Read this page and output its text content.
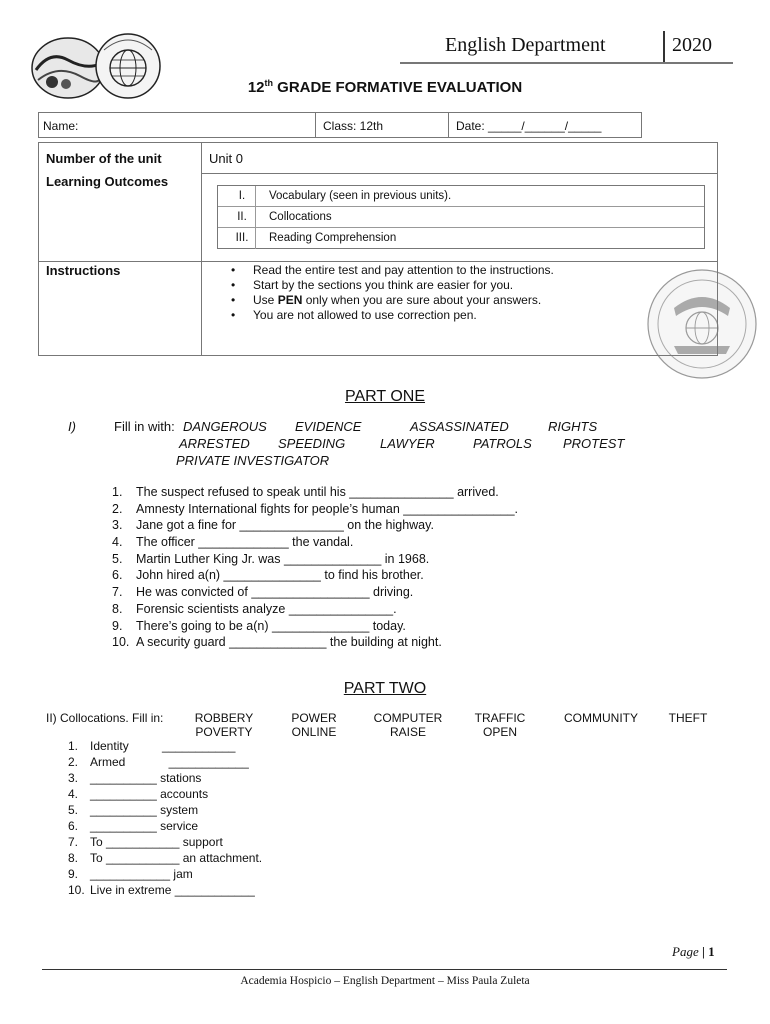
English Department	2020
12th GRADE FORMATIVE EVALUATION
Name:	Class: 12th	Date: _____/______/_____
Number of the unit	Unit 0
Learning Outcomes
I.	Vocabulary (seen in previous units).
II.	Collocations
III.	Reading Comprehension
Instructions
•	Read the entire test and pay attention to the instructions.
• Start by the sections you think are easier for you.
• Use PEN only when you are sure about your answers.
• You are not allowed to use correction pen.
PART ONE
I)	Fill in with: DANGEROUS EVIDENCE	ASSASSINATED	RIGHTS
ARRESTED SPEEDING	LAWYER	PATROLS PROTEST
PRIVATE INVESTIGATOR
1. The suspect refused to speak until his _______________ arrived.
2. Amnesty International fights for people’s human ________________.
3. Jane got a fine for _______________ on the highway.
4. The officer _____________ the vandal.
5. Martin Luther King Jr. was ______________ in 1968.
6. John hired a(n) ______________ to find his brother.
7. He was convicted of _________________ driving.
8. Forensic scientists analyze _______________.
9. There’s going to be a(n) ______________ today.
10. A security guard ______________ the building at night.
PART TWO
II) Collocations. Fill in:	ROBBERY
POVERTY
POWER
ONLINE
COMPUTER
RAISE
TRAFFIC
OPEN
COMMUNITY	THEFT
1. Identity          ___________
2. Armed             ____________
3. __________ stations
4. __________ accounts
5. __________ system
6. __________ service
7. To ___________ support
8. To ___________ an attachment.
9. ____________ jam
10. Live in extreme ____________
Page | 1
Academia Hospicio – English Department – Miss Paula Zuleta
